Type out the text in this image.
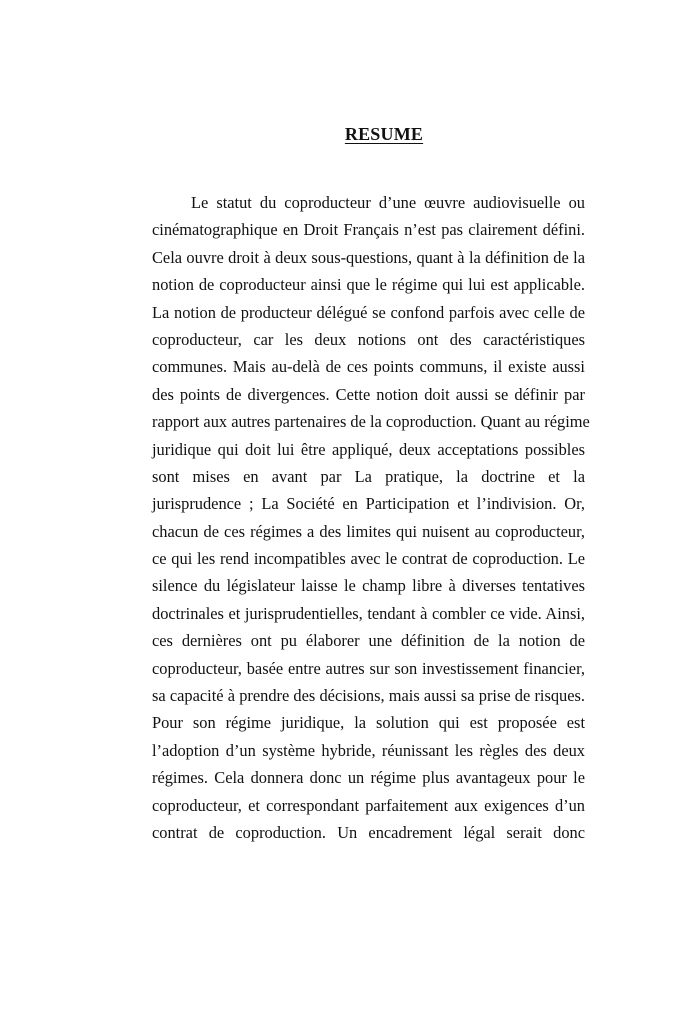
RESUME
Le statut du coproducteur d’une œuvre audiovisuelle ou
cinématographique en Droit Français n’est pas clairement défini.
Cela ouvre droit à deux sous-questions, quant à la définition de la
notion de coproducteur ainsi que le régime qui lui est applicable.
La notion de producteur délégué se confond parfois avec celle de
coproducteur, car les deux notions ont des caractéristiques
communes. Mais au-delà de ces points communs, il existe aussi
des points de divergences. Cette notion doit aussi se définir par
rapport aux autres partenaires de la coproduction. Quant au régime
juridique qui doit lui être appliqué, deux acceptations possibles
sont mises en avant par La pratique, la doctrine et la
jurisprudence ; La Société en Participation et l’indivision. Or,
chacun de ces régimes a des limites qui nuisent au coproducteur,
ce qui les rend incompatibles avec le contrat de coproduction. Le
silence du législateur laisse le champ libre à diverses tentatives
doctrinales et jurisprudentielles, tendant à combler ce vide. Ainsi,
ces dernières ont pu élaborer une définition de la notion de
coproducteur, basée entre autres sur son investissement financier,
sa capacité à prendre des décisions, mais aussi sa prise de risques.
Pour son régime juridique, la solution qui est proposée est
l’adoption d’un système hybride, réunissant les règles des deux
régimes. Cela donnera donc un régime plus avantageux pour le
coproducteur, et correspondant parfaitement aux exigences d’un
contrat de coproduction. Un encadrement légal serait donc
